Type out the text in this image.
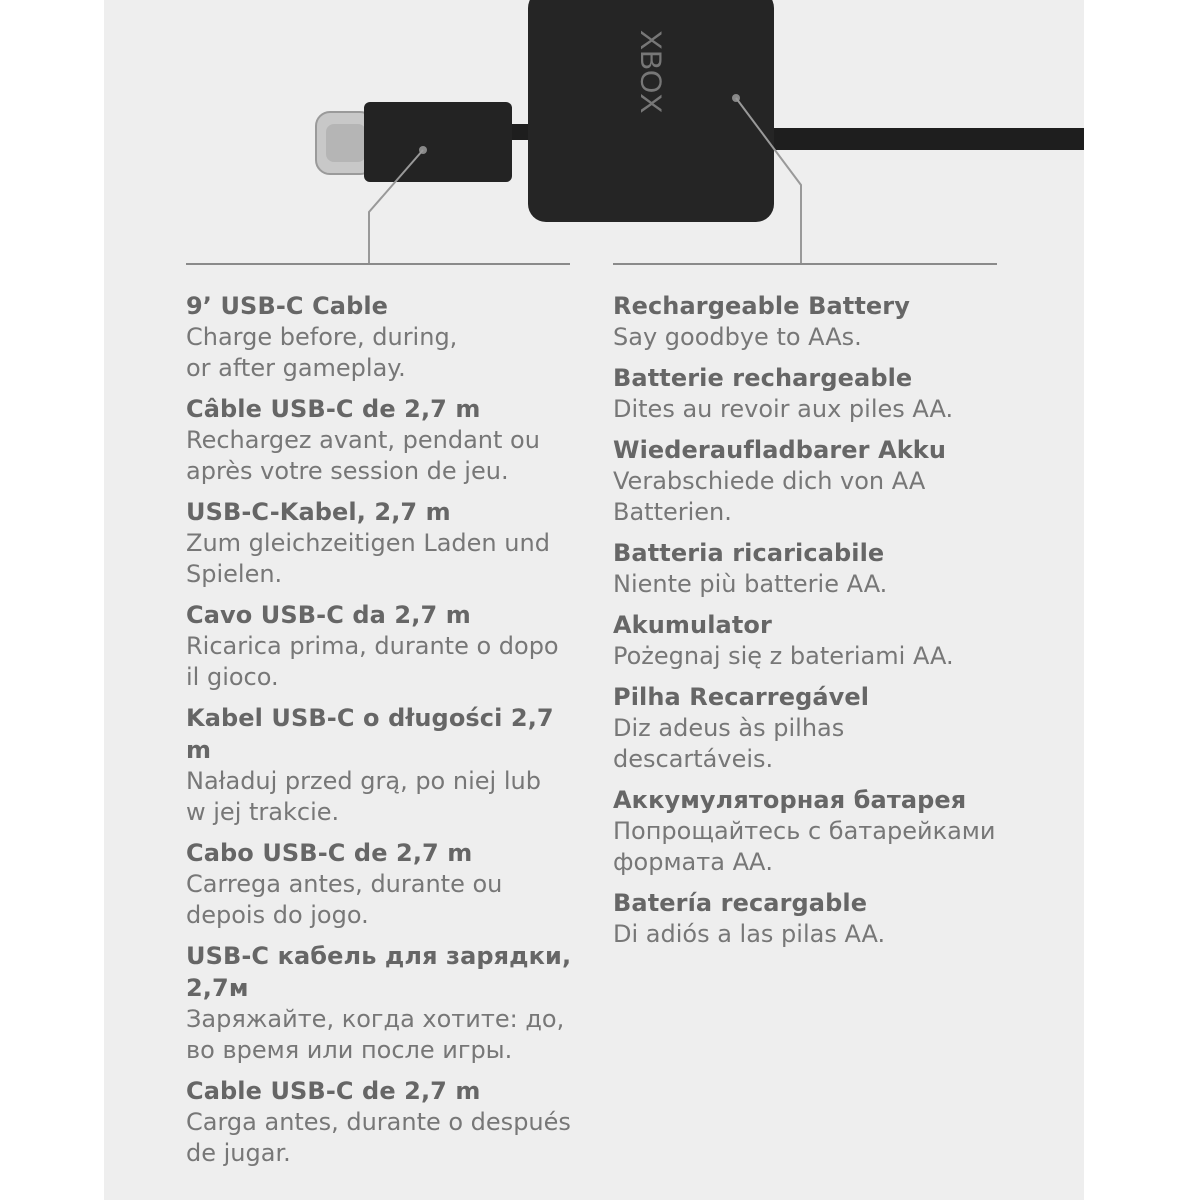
XBOX
9’ USB-C Cable
Charge before, during,
or after gameplay.
Câble USB-C de 2,7 m
Rechargez avant, pendant ou
après votre session de jeu.
USB-C-Kabel, 2,7 m
Zum gleichzeitigen Laden und
Spielen.
Cavo USB-C da 2,7 m
Ricarica prima, durante o dopo
il gioco.
Kabel USB-C o długości 2,7 m
Naładuj przed grą, po niej lub
w jej trakcie.
Cabo USB-C de 2,7 m
Carrega antes, durante ou
depois do jogo.
USB-C кабель для зарядки,
2,7м
Заряжайте, когда хотите: до,
во время или после игры.
Cable USB-C de 2,7 m
Carga antes, durante o después
de jugar.
Rechargeable Battery
Say goodbye to AAs.
Batterie rechargeable
Dites au revoir aux piles AA.
Wiederaufladbarer Akku
Verabschiede dich von AA
Batterien.
Batteria ricaricabile
Niente più batterie AA.
Akumulator
Pożegnaj się z bateriami AA.
Pilha Recarregável
Diz adeus às pilhas
descartáveis.
Аккумуляторная батарея
Попрощайтесь с батарейками
формата АА.
Batería recargable
Di adiós a las pilas AA.
